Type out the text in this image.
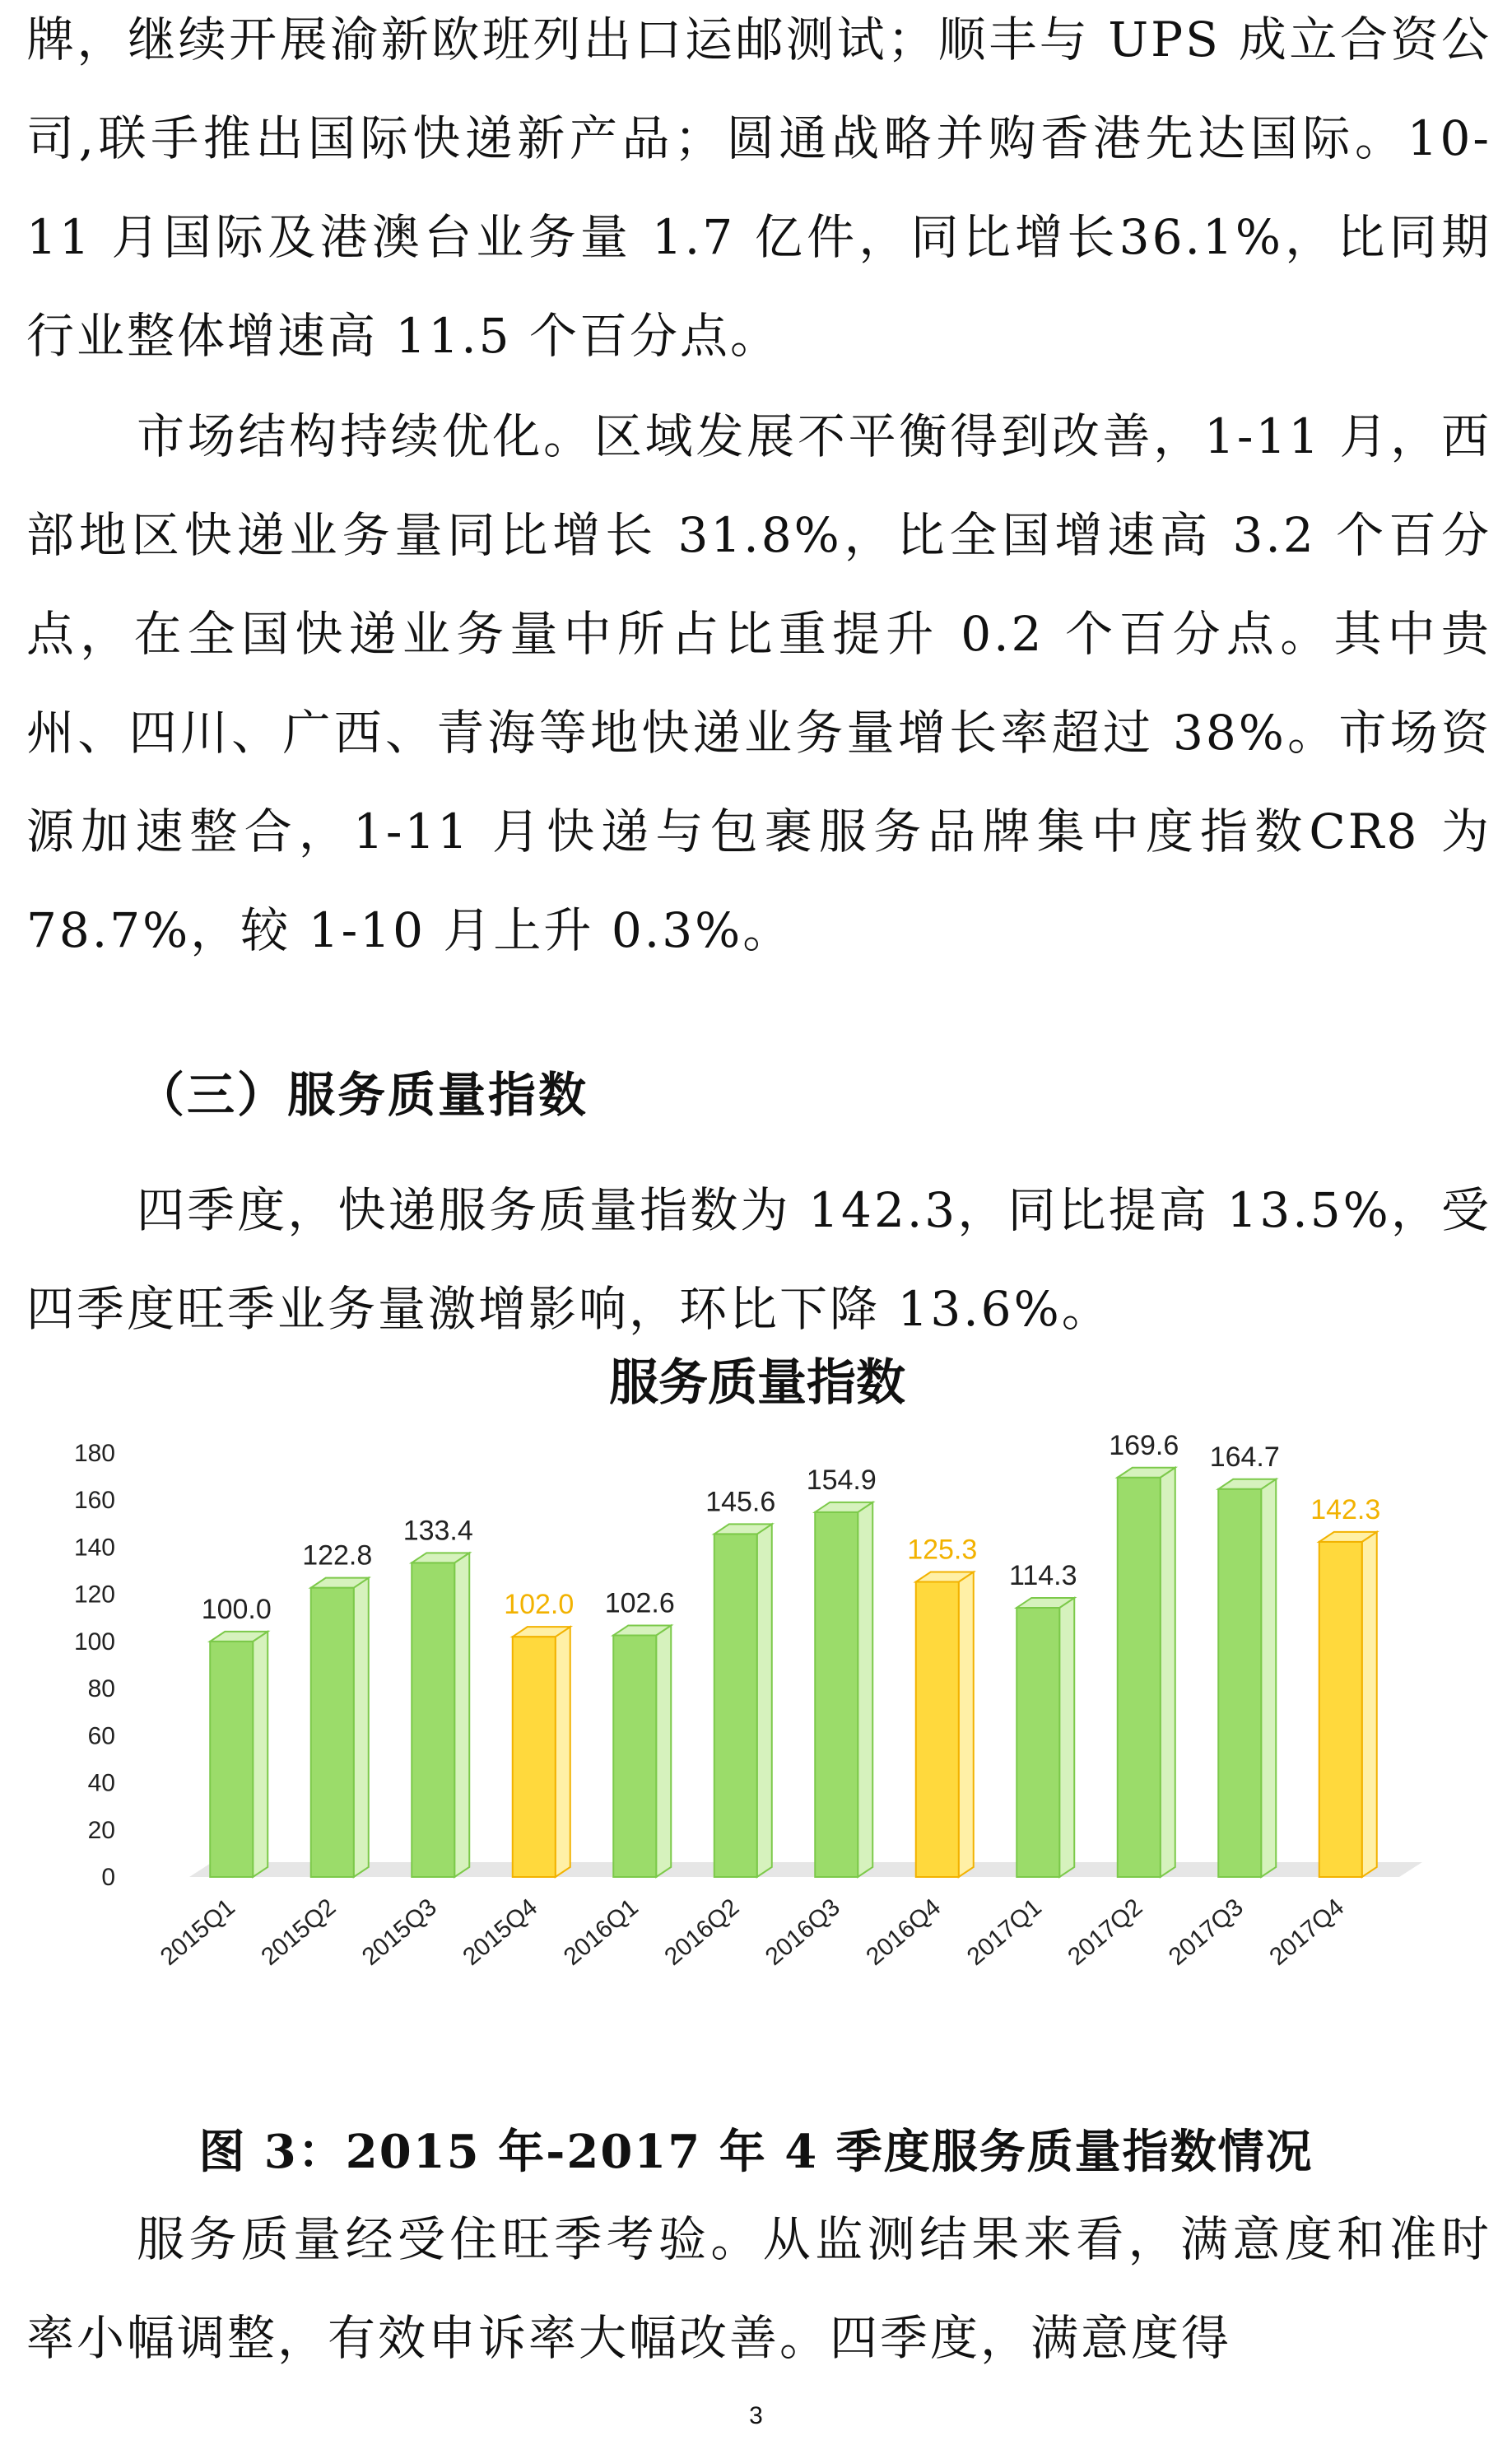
牌，继续开展渝新欧班列出口运邮测试；顺丰与 UPS 成立合资公司,联手推出国际快递新产品；圆通战略并购香港先达国际。10-11 月国际及港澳台业务量 1.7 亿件，同比增长36.1%，比同期行业整体增速高 11.5 个百分点。

市场结构持续优化。区域发展不平衡得到改善，1-11 月，西部地区快递业务量同比增长 31.8%，比全国增速高 3.2 个百分点，在全国快递业务量中所占比重提升 0.2 个百分点。其中贵州、四川、广西、青海等地快递业务量增长率超过 38%。市场资源加速整合，1-11 月快递与包裹服务品牌集中度指数CR8 为 78.7%，较 1-10 月上升 0.3%。

（三）服务质量指数

四季度，快递服务质量指数为 142.3，同比提高 13.5%，受四季度旺季业务量激增影响，环比下降 13.6%。

0
20
40
60
80
100
120
140
160
180
100.0
2015Q1
122.8
2015Q2
133.4
2015Q3
102.0
2015Q4
102.6
2016Q1
145.6
2016Q2
154.9
2016Q3
125.3
2016Q4
114.3
2017Q1
169.6
2017Q2
164.7
2017Q3
142.3
2017Q4

服务质量指数

图 3：2015 年-2017 年 4 季度服务质量指数情况

服务质量经受住旺季考验。从监测结果来看，满意度和准时率小幅调整，有效申诉率大幅改善。四季度，满意度得

3
